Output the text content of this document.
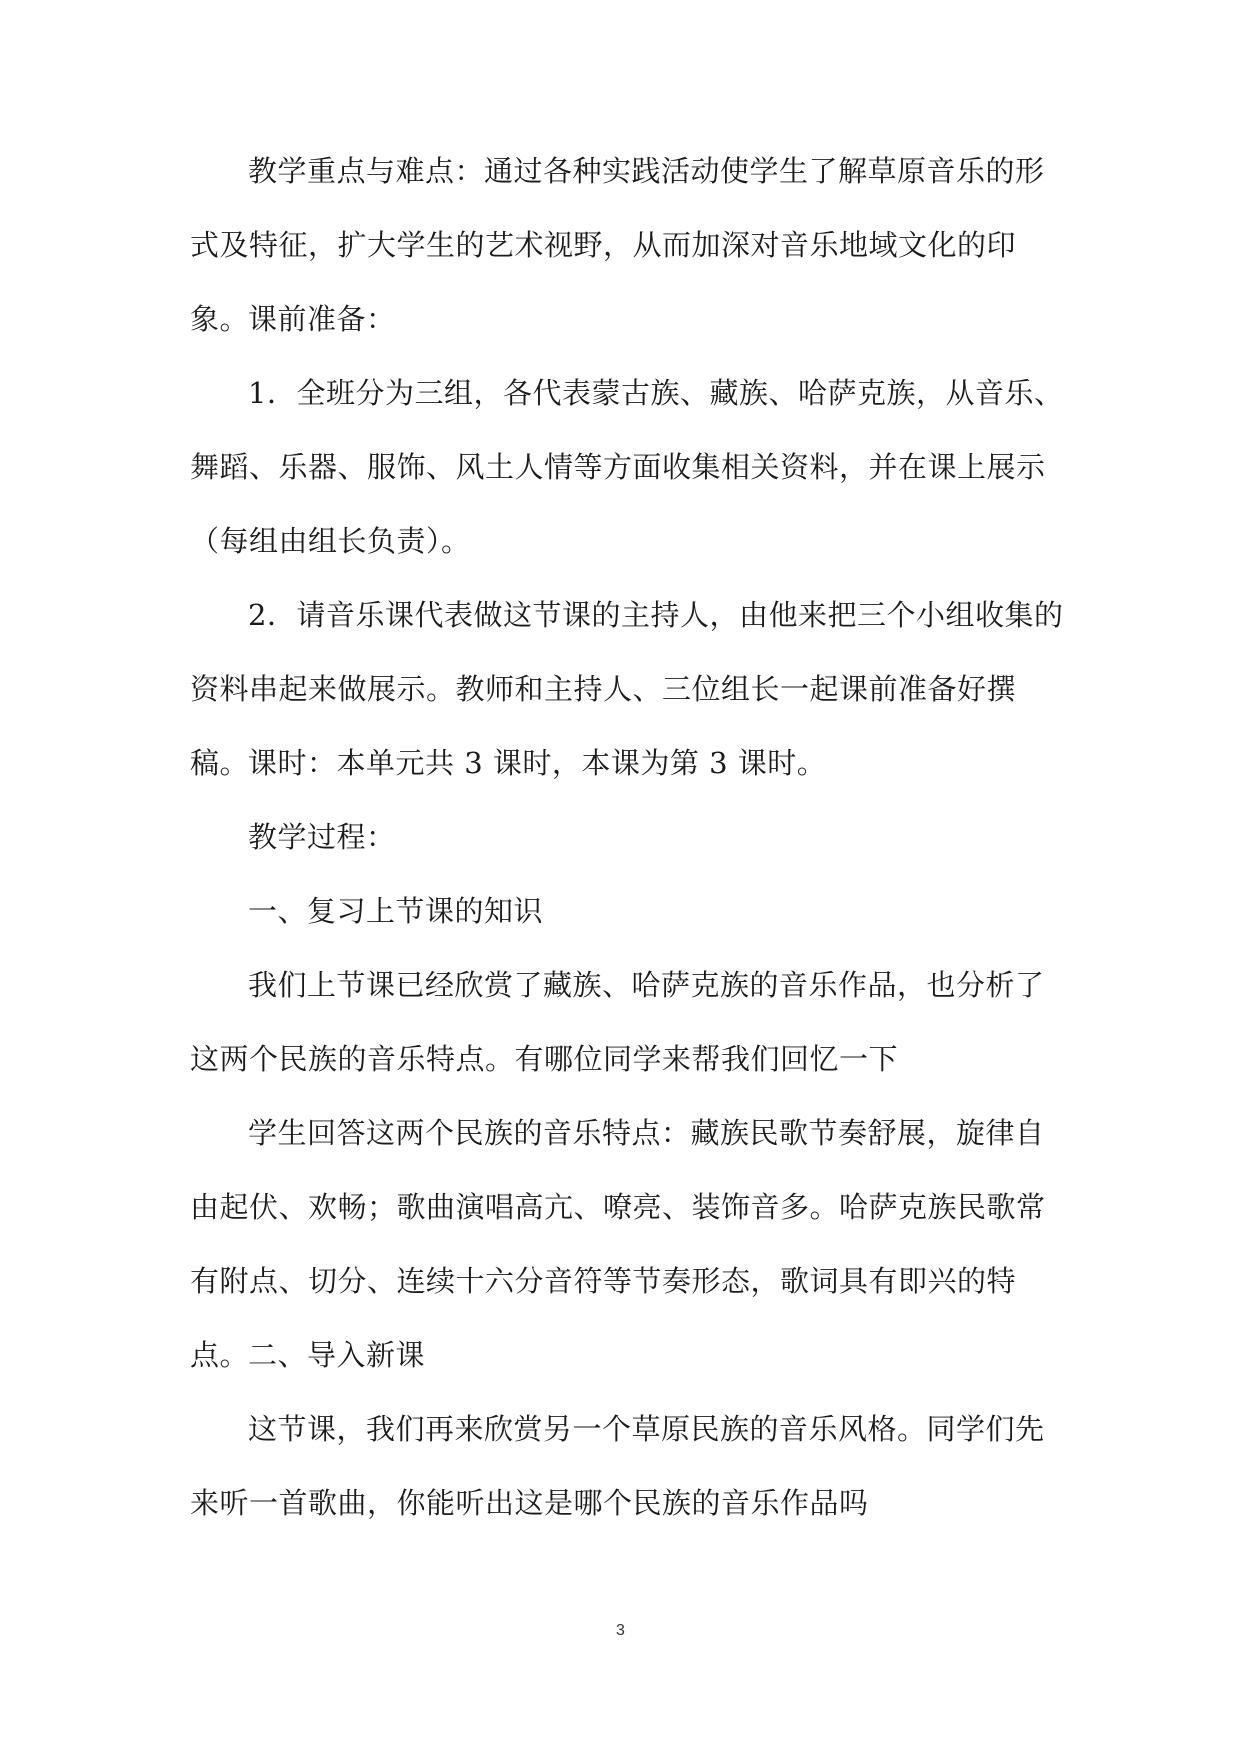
教学重点与难点：通过各种实践活动使学生了解草原音乐的形式及特征，扩大学生的艺术视野，从而加深对音乐地域文化的印象。

课前准备：

1．全班分为三组，各代表蒙古族、藏族、哈萨克族，从音乐、舞蹈、乐器、服饰、风土人情等方面收集相关资料，并在课上展示（每组由组长负责）。

2．请音乐课代表做这节课的主持人，由他来把三个小组收集的资料串起来做展示。教师和主持人、三位组长一起课前准备好撰稿。

课时：本单元共 3 课时，本课为第 3 课时。

教学过程：

一、复习上节课的知识

我们上节课已经欣赏了藏族、哈萨克族的音乐作品，也分析了这两个民族的音乐特点。有哪位同学来帮我们回忆一下

学生回答这两个民族的音乐特点：藏族民歌节奏舒展，旋律自由起伏、欢畅；歌曲演唱高亢、嘹亮、装饰音多。哈萨克族民歌常有附点、切分、连续十六分音符等节奏形态，歌词具有即兴的特点。

二、导入新课

这节课，我们再来欣赏另一个草原民族的音乐风格。同学们先来听一首歌曲，你能听出这是哪个民族的音乐作品吗

3
